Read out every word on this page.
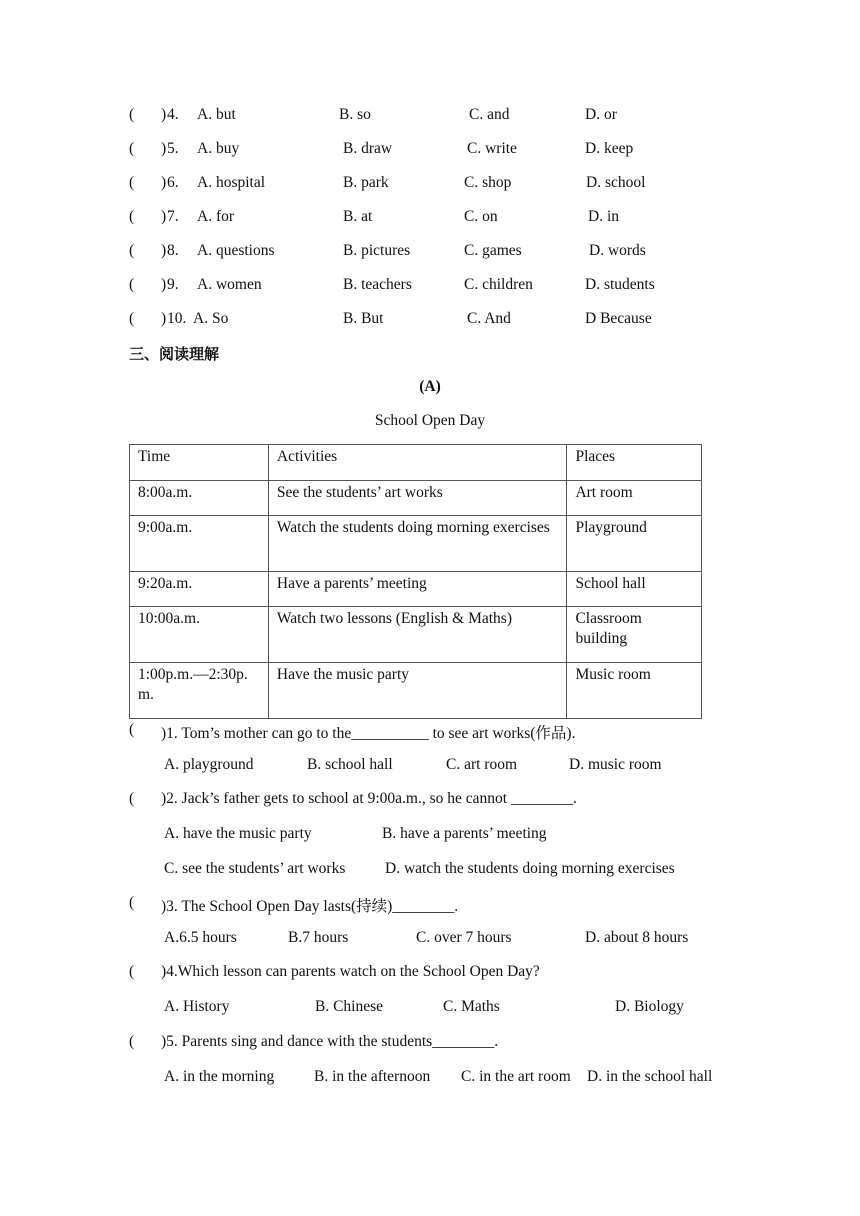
( ) 4. A. but	B. so	C. and	D. or
( ) 5. A. buy	B. draw	C. write	D. keep
( ) 6. A. hospital	B. park	C. shop	D. school
( ) 7. A. for	B. at	C. on	D. in
( ) 8. A. questions	B. pictures	C. games	D. words
( ) 9. A. women	B. teachers	C. children	D. students
( ) 10. A. So	B. But	C. And	D Because
三、阅读理解
(A)
School Open Day
Time	Activities	Places
8:00a.m.	See the students’ art works	Art room
9:00a.m.	Watch the students doing morning exercises	Playground
9:20a.m.	Have a parents’ meeting	School hall
10:00a.m.	Watch two lessons (English & Maths)	Classroom building
1:00p.m.—2:30p.m.	Have the music party	Music room
( )1. Tom’s mother can go to the__________ to see art works(作品).
A. playground	B. school hall	C. art room	D. music room
( )2. Jack’s father gets to school at 9:00a.m., so he cannot ________.
A. have the music party	B. have a parents’ meeting
C. see the students’ art works	D. watch the students doing morning exercises
( )3. The School Open Day lasts(持续)________.
A.6.5 hours	B.7 hours	C. over 7 hours	D. about 8 hours
( )4.Which lesson can parents watch on the School Open Day?
A. History	B. Chinese	C. Maths	D. Biology
( )5. Parents sing and dance with the students________.
A. in the morning	B. in the afternoon C. in the art room D. in the school hall
